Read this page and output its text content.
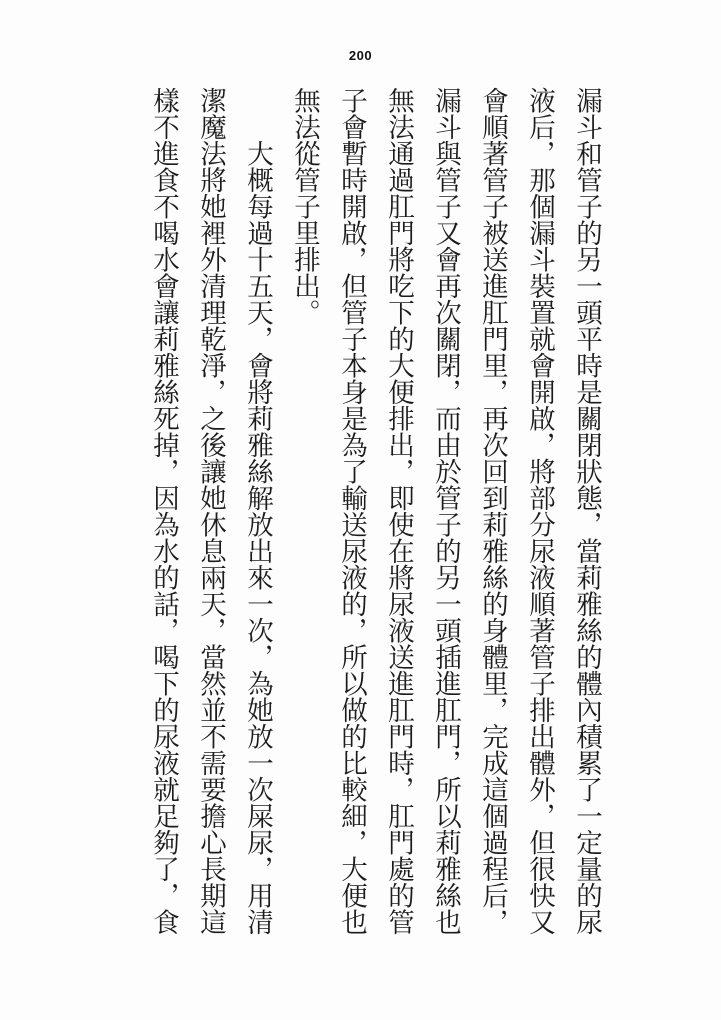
200

漏斗和管子的另一頭平時是關閉狀態，當莉雅絲的體內積累了一定量的尿
液后，那個漏斗裝置就會開啟，將部分尿液順著管子排出體外，但很快又
會順著管子被送進肛門里，再次回到莉雅絲的身體里，完成這個過程后，
漏斗與管子又會再次關閉，而由於管子的另一頭插進肛門，所以莉雅絲也
無法通過肛門將吃下的大便排出，即使在將尿液送進肛門時，肛門處的管
子會暫時開啟，但管子本身是為了輸送尿液的，所以做的比較細，大便也
無法從管子里排出。

　　大概每過十五天，會將莉雅絲解放出來一次，為她放一次屎尿，用清
潔魔法將她裡外清理乾淨，之後讓她休息兩天，當然並不需要擔心長期這
樣不進食不喝水會讓莉雅絲死掉，因為水的話，喝下的尿液就足夠了，食
